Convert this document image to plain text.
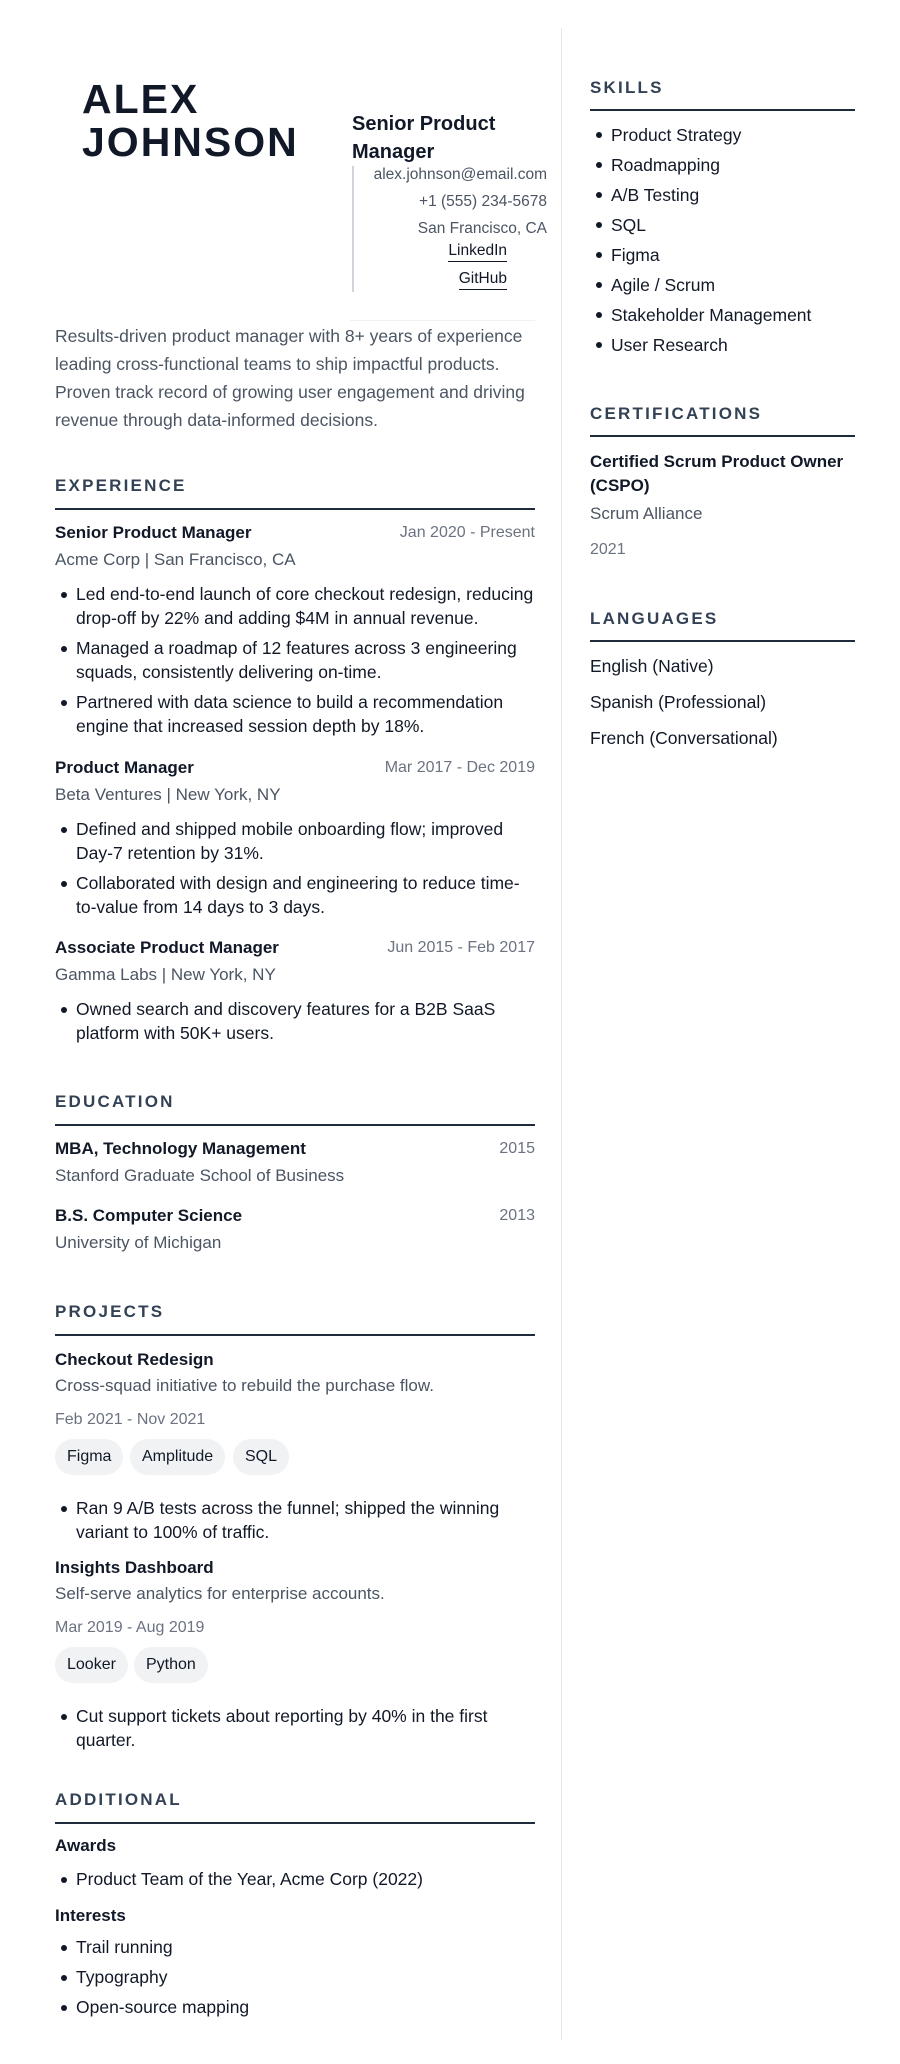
ALEX JOHNSON	Senior Product Manager
alex.johnson@email.com
+1 (555) 234-5678
San Francisco, CA
LinkedIn
GitHub
Results-driven product manager with 8+ years of experience leading cross-functional teams to ship impactful products. Proven track record of growing user engagement and driving revenue through data-informed decisions.
EXPERIENCE
Senior Product Manager	Jan 2020 - Present
Acme Corp | San Francisco, CA
Led end-to-end launch of core checkout redesign, reducing drop-off by 22% and adding $4M in annual revenue.
Managed a roadmap of 12 features across 3 engineering squads, consistently delivering on-time.
Partnered with data science to build a recommendation engine that increased session depth by 18%.
Product Manager	Mar 2017 - Dec 2019
Beta Ventures | New York, NY
Defined and shipped mobile onboarding flow; improved Day-7 retention by 31%.
Collaborated with design and engineering to reduce time-to-value from 14 days to 3 days.
Associate Product Manager	Jun 2015 - Feb 2017
Gamma Labs | New York, NY
Owned search and discovery features for a B2B SaaS platform with 50K+ users.
EDUCATION
MBA, Technology Management	2015
Stanford Graduate School of Business
B.S. Computer Science	2013
University of Michigan
PROJECTS
Checkout Redesign
Cross-squad initiative to rebuild the purchase flow.
Feb 2021 - Nov 2021
Figma	Amplitude	SQL
Ran 9 A/B tests across the funnel; shipped the winning variant to 100% of traffic.
Insights Dashboard
Self-serve analytics for enterprise accounts.
Mar 2019 - Aug 2019
Looker	Python
Cut support tickets about reporting by 40% in the first quarter.
ADDITIONAL
Awards
Product Team of the Year, Acme Corp (2022)
Interests
Trail running
Typography
Open-source mapping
SKILLS
Product Strategy
Roadmapping
A/B Testing
SQL
Figma
Agile / Scrum
Stakeholder Management
User Research
CERTIFICATIONS
Certified Scrum Product Owner (CSPO)
Scrum Alliance
2021
LANGUAGES
English (Native)
Spanish (Professional)
French (Conversational)
